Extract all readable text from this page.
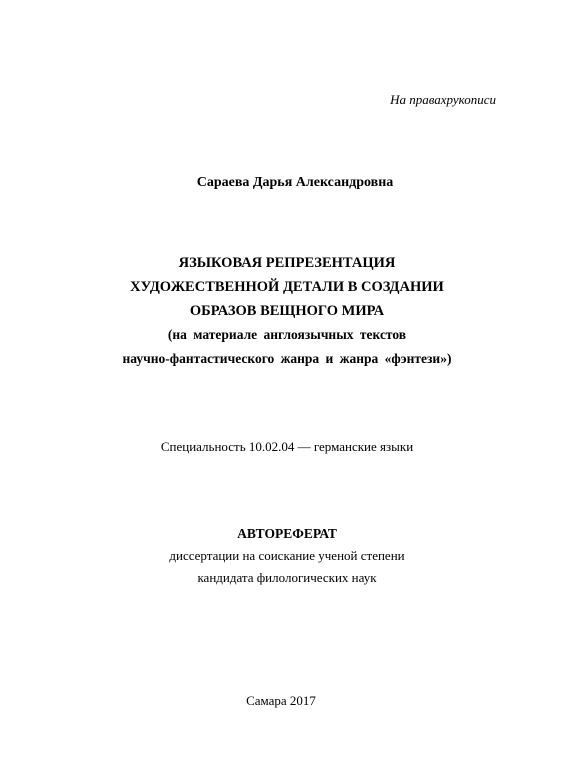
На правахрукописи
Сараева Дарья Александровна
ЯЗЫКОВАЯ РЕПРЕЗЕНТАЦИЯ
ХУДОЖЕСТВЕННОЙ ДЕТАЛИ В СОЗДАНИИ
ОБРАЗОВ ВЕЩНОГО МИРА
(на материале англоязычных текстов
научно-фантастического жанра и жанра «фэнтези»)
Специальность 10.02.04 — германские языки
АВТОРЕФЕРАТ
диссертации на соискание ученой степени
кандидата филологических наук
Самара 2017
